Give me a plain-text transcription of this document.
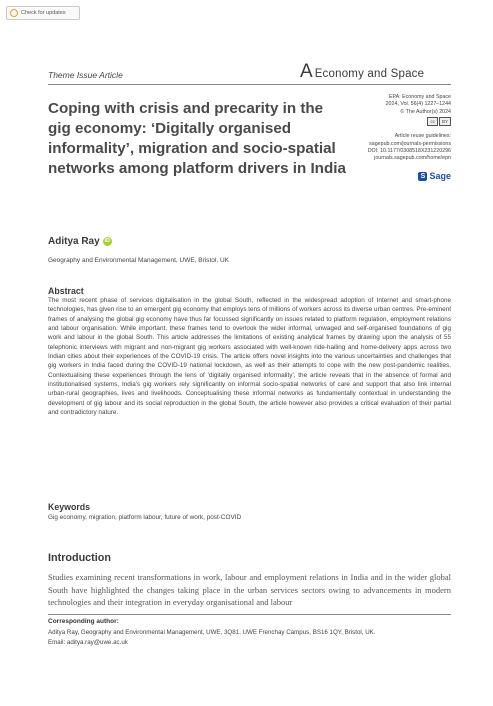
Check for updates
Theme Issue Article	A Economy and Space
Coping with crisis and precarity in the gig economy: ‘Digitally organised informality’, migration and socio-spatial networks among platform drivers in India
EPA: Economy and Space
2024, Vol. 56(4) 1227–1244
© The Author(s) 2024
cc	BY
Article reuse guidelines:
sagepub.com/journals-permissions
DOI: 10.1177/0308518X231220296
journals.sagepub.com/home/epn
S Sage
Aditya Ray iD
Geography and Environmental Management, UWE, Bristol, UK
Abstract

The most recent phase of services digitalisation in the global South, reflected in the widespread adoption of Internet and smart-phone technologies, has given rise to an emergent gig economy that employs tens of millions of workers across its diverse urban centres. Pre-eminent frames of analysing the global gig economy have thus far focussed significantly on issues related to platform regulation, employment relations and labour organisation. While important, these frames tend to overlook the wider informal, unwaged and self-organised foundations of gig work and labour in the global South. This article addresses the limitations of existing analytical frames by drawing upon the analysis of 55 telephonic interviews with migrant and non-migrant gig workers associated with well-known ride-hailing and home-delivery apps across two Indian cities about their experiences of the COVID-19 crisis. The article offers novel insights into the various uncertainties and challenges that gig workers in India faced during the COVID-19 national lockdown, as well as their attempts to cope with the new post-pandemic realities. Contextualising these experiences through the lens of ‘digitally organised informality’, the article reveals that in the absence of formal and institutionalised systems, India’s gig workers rely significantly on informal socio-spatial networks of care and support that also link internal urban-rural geographies, lives and livelihoods. Conceptualising these informal networks as fundamentally contextual in understanding the development of gig labour and its social reproduction in the global South, the article however also provides a critical evaluation of their partial and contradictory nature.

Keywords
Gig economy, migration, platform labour, future of work, post-COVID
Introduction

Studies examining recent transformations in work, labour and employment relations in India and in the wider global South have highlighted the changes taking place in the urban services sectors owing to advancements in modern technologies and their integration in everyday organisational and labour

Corresponding author:
Aditya Ray, Geography and Environmental Management, UWE, 3Q81, UWE Frenchay Campus, BS16 1QY, Bristol, UK.
Email: aditya.ray@uwe.ac.uk
